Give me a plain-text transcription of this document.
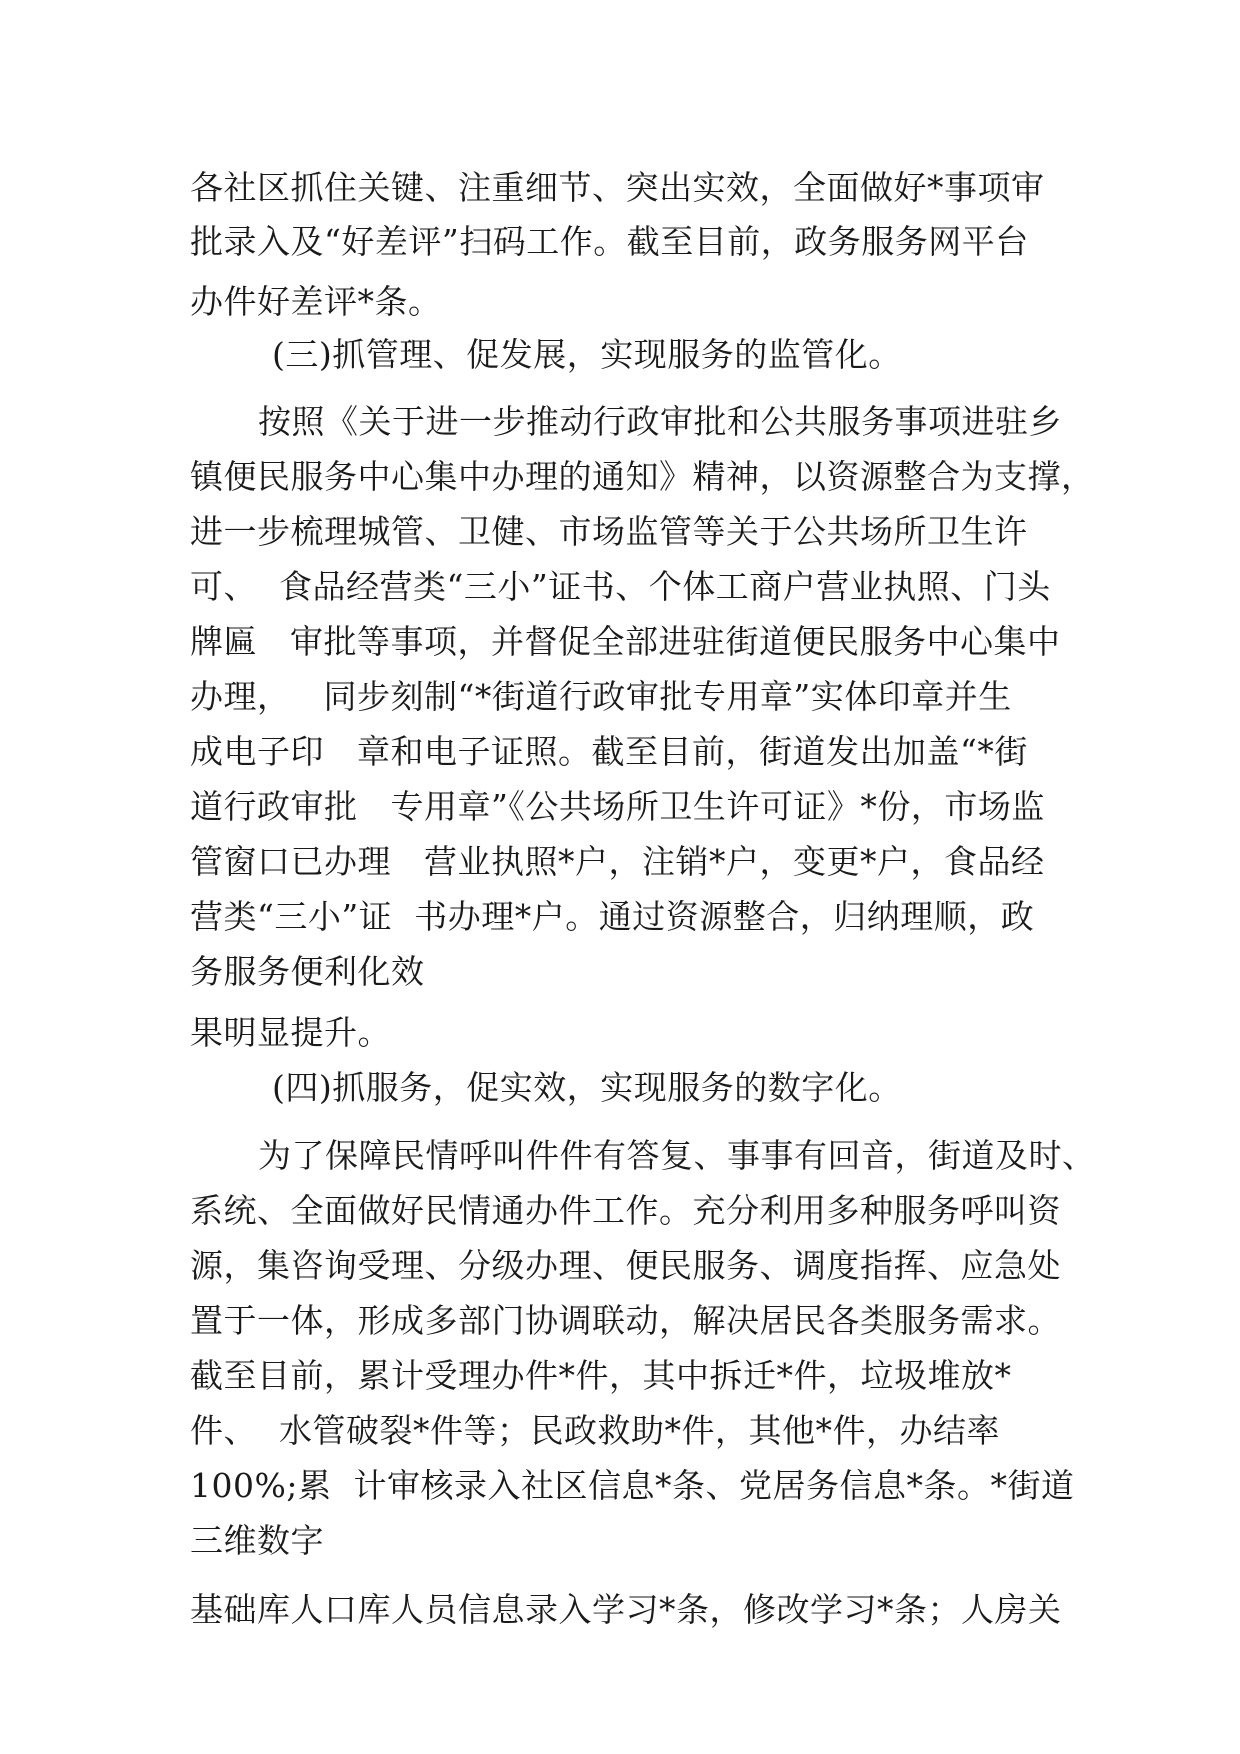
各社区抓住关键、注重细节、突出实效，全面做好*事项审
批录入及“好差评”扫码工作。截至目前，政务服务网平台
办件好差评*条。
(三)抓管理、促发展，实现服务的监管化。
按照《关于进一步推动行政审批和公共服务事项进驻乡
镇便民服务中心集中办理的通知》精神，以资源整合为支撑，
进一步梳理城管、卫健、市场监管等关于公共场所卫生许
可、  食品经营类“三小”证书、个体工商户营业执照、门头
牌匾   审批等事项，并督促全部进驻街道便民服务中心集中
办理，   同步刻制“*街道行政审批专用章”实体印章并生
成电子印   章和电子证照。截至目前，街道发出加盖“*街
道行政审批   专用章”《公共场所卫生许可证》*份，市场监
管窗口已办理   营业执照*户，注销*户，变更*户，食品经
营类“三小”证  书办理*户。通过资源整合，归纳理顺，政
务服务便利化效
果明显提升。
(四)抓服务，促实效，实现服务的数字化。
为了保障民情呼叫件件有答复、事事有回音，街道及时、
系统、全面做好民情通办件工作。充分利用多种服务呼叫资
源，集咨询受理、分级办理、便民服务、调度指挥、应急处
置于一体，形成多部门协调联动，解决居民各类服务需求。
截至目前，累计受理办件*件，其中拆迁*件，垃圾堆放*
件、  水管破裂*件等；民政救助*件，其他*件，办结率
100%;累  计审核录入社区信息*条、党居务信息*条。*街道
三维数字
基础库人口库人员信息录入学习*条，修改学习*条；人房关
